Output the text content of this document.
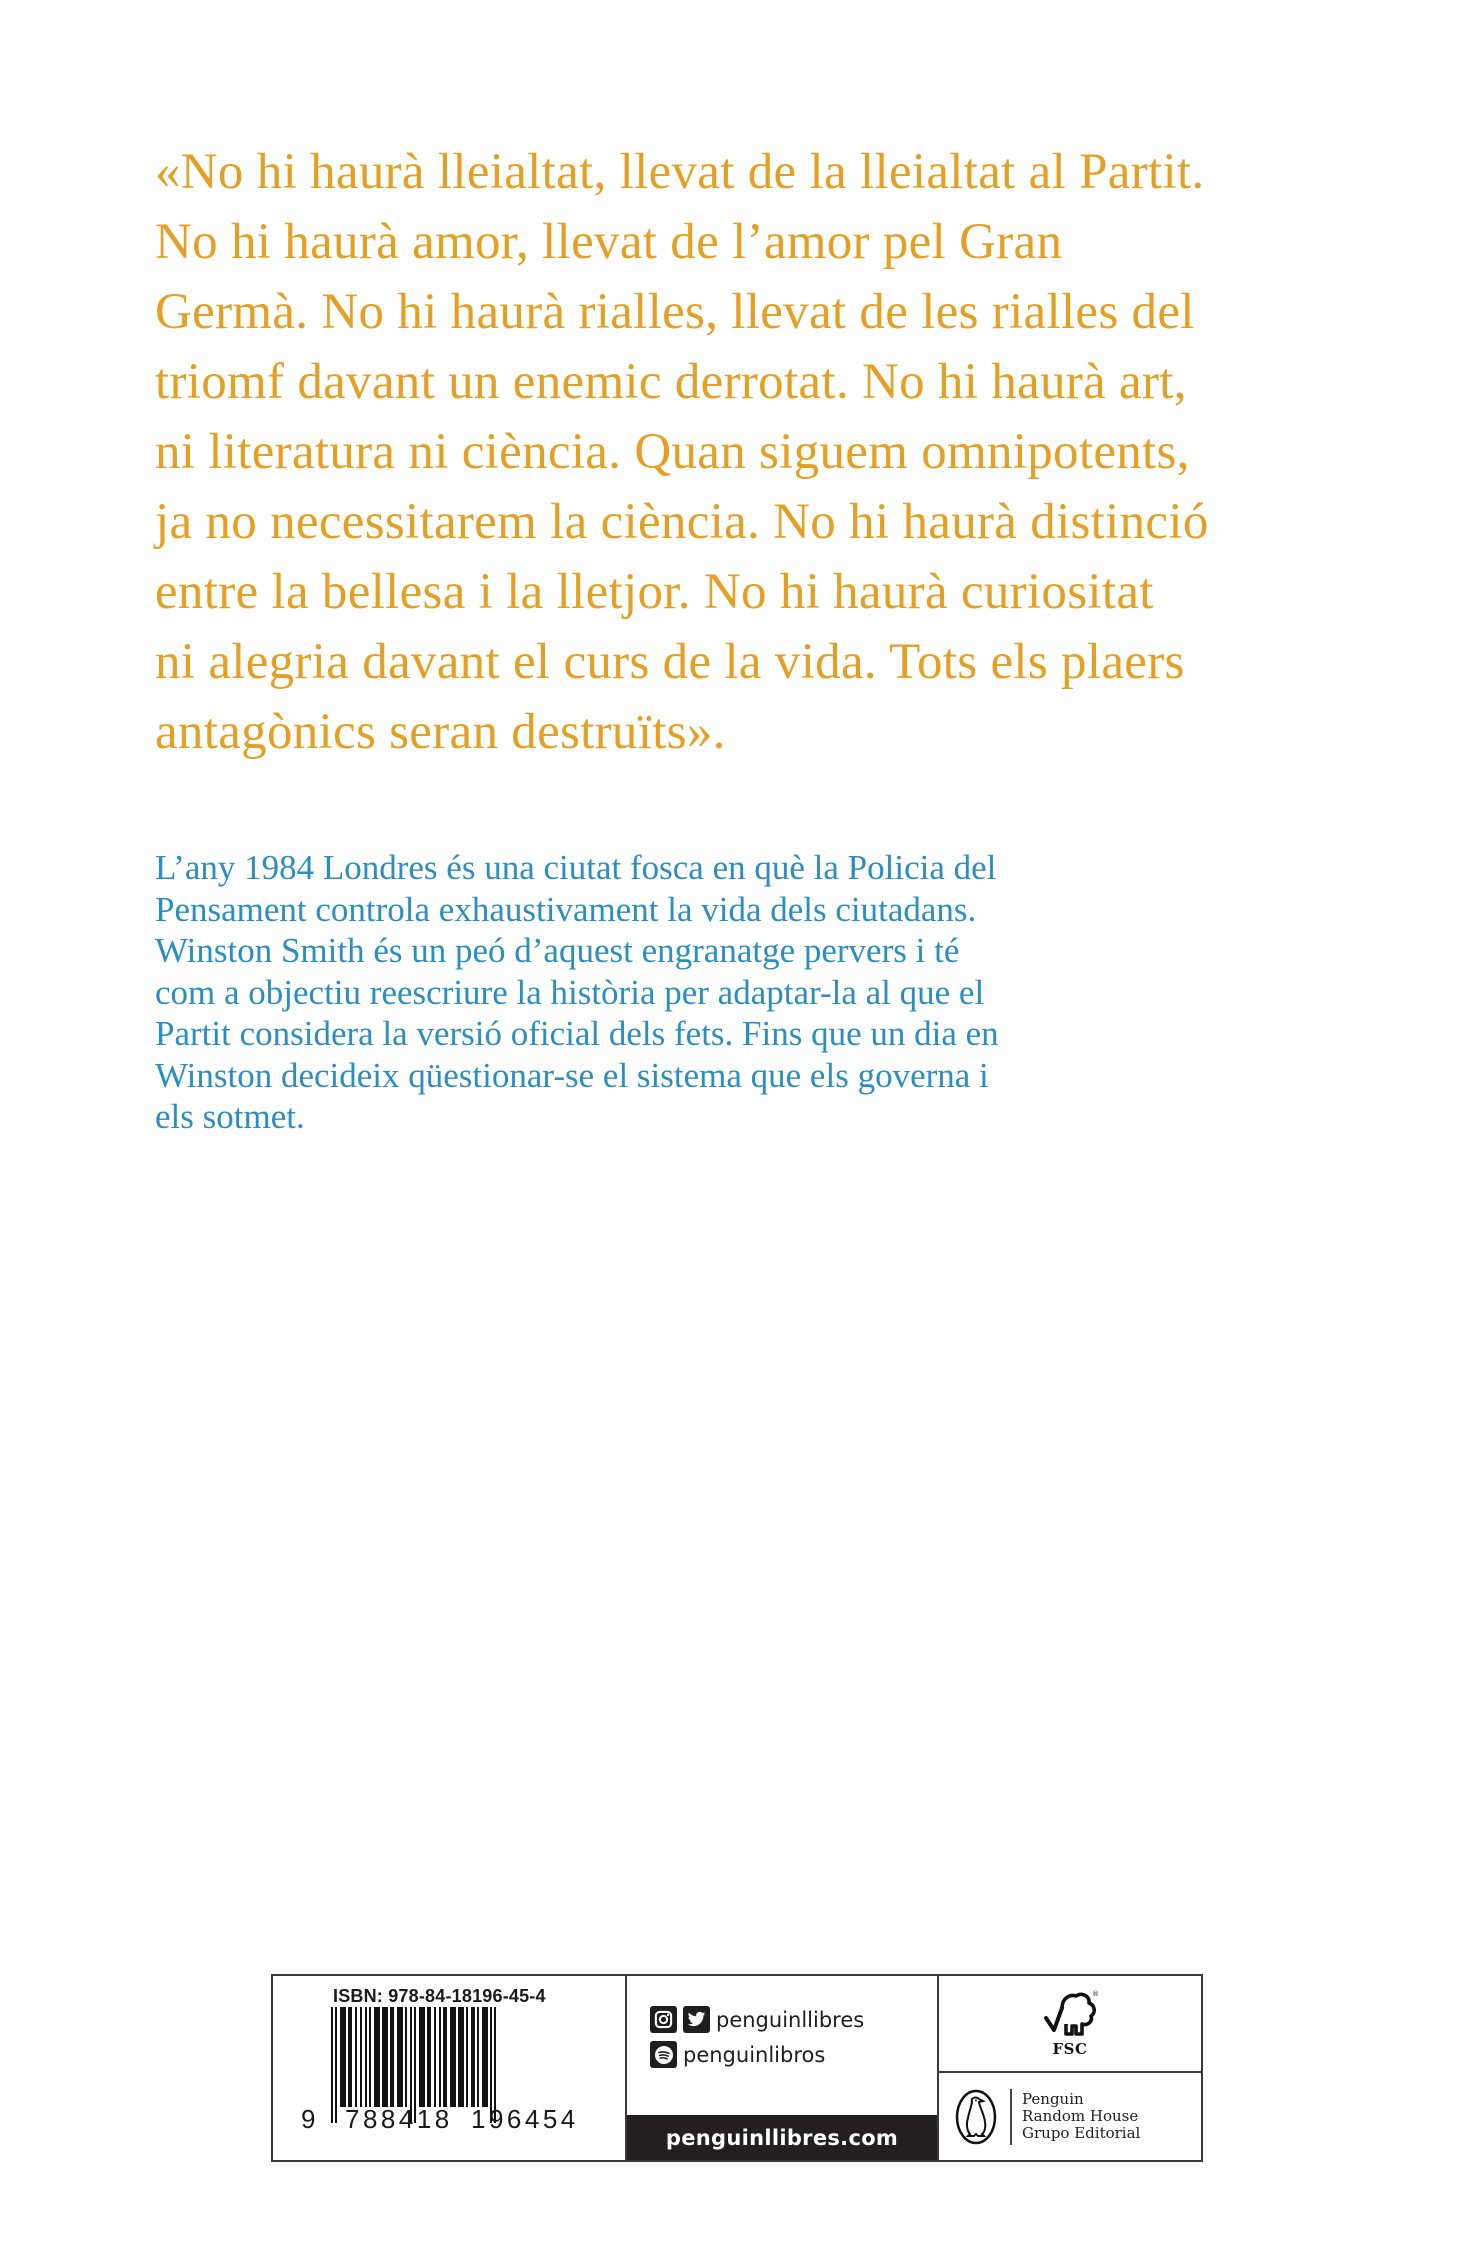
«No hi haurà lleialtat, llevat de la lleialtat al Partit.
No hi haurà amor, llevat de l’amor pel Gran
Germà. No hi haurà rialles, llevat de les rialles del
triomf davant un enemic derrotat. No hi haurà art,
ni literatura ni ciència. Quan siguem omnipotents,
ja no necessitarem la ciència. No hi haurà distinció
entre la bellesa i la lletjor. No hi haurà curiositat
ni alegria davant el curs de la vida. Tots els plaers
antagònics seran destruïts».
L’any 1984 Londres és una ciutat fosca en què la Policia del
Pensament controla exhaustivament la vida dels ciutadans.
Winston Smith és un peó d’aquest engranatge pervers i té
com a objectiu reescriure la història per adaptar-la al que el
Partit considera la versió oficial dels fets. Fins que un dia en
Winston decideix qüestionar-se el sistema que els governa i
els sotmet.
ISBN: 978-84-18196-45-4
9 788418 196454
penguinllibres
penguinlibros
penguinllibres.com
®
FSC
Penguin
Random House
Grupo Editorial
